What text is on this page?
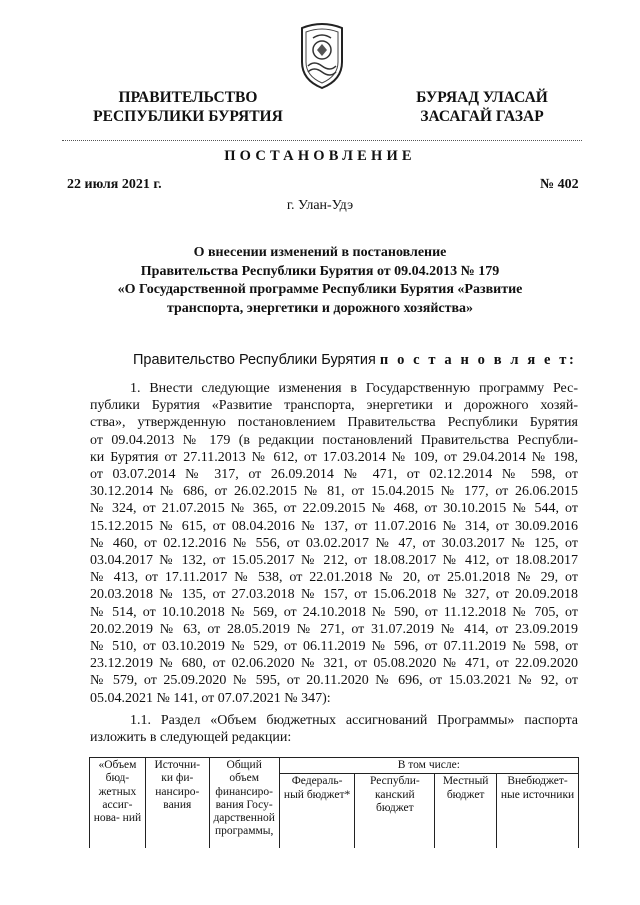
ПРАВИТЕЛЬСТВО
РЕСПУБЛИКИ БУРЯТИЯ
БУРЯАД УЛАСАЙ
ЗАСАГАЙ ГАЗАР
ПОСТАНОВЛЕНИЕ
22 июля 2021 г.	№ 402
г. Улан-Удэ
О внесении изменений в постановление
Правительства Республики Бурятия от 09.04.2013 № 179
«О Государственной программе Республики Бурятия «Развитие
транспорта, энергетики и дорожного хозяйства»
Правительство Республики Бурятия п о с т а н о в л я е т:
1. Внести следующие изменения в Государственную программу Рес-
публики Бурятия «Развитие транспорта, энергетики и дорожного хозяй-
ства», утвержденную постановлением Правительства Республики Бурятия
от 09.04.2013 № 179 (в редакции постановлений Правительства Республи-
ки Бурятия от 27.11.2013 № 612, от 17.03.2014 № 109, от 29.04.2014 № 198,
от 03.07.2014 № 317, от 26.09.2014 № 471, от 02.12.2014 № 598, от
30.12.2014 № 686, от 26.02.2015 № 81, от 15.04.2015 № 177, от 26.06.2015
№ 324, от 21.07.2015 № 365, от 22.09.2015 № 468, от 30.10.2015 № 544, от
15.12.2015 № 615, от 08.04.2016 № 137, от 11.07.2016 № 314, от 30.09.2016
№ 460, от 02.12.2016 № 556, от 03.02.2017 № 47, от 30.03.2017 № 125, от
03.04.2017 № 132, от 15.05.2017 № 212, от 18.08.2017 № 412, от 18.08.2017
№ 413, от 17.11.2017 № 538, от 22.01.2018 № 20, от 25.01.2018 № 29, от
20.03.2018 № 135, от 27.03.2018 № 157, от 15.06.2018 № 327, от 20.09.2018
№ 514, от 10.10.2018 № 569, от 24.10.2018 № 590, от 11.12.2018 № 705, от
20.02.2019 № 63, от 28.05.2019 № 271, от 31.07.2019 № 414, от 23.09.2019
№ 510, от 03.10.2019 № 529, от 06.11.2019 № 596, от 07.11.2019 № 598, от
23.12.2019 № 680, от 02.06.2020 № 321, от 05.08.2020 № 471, от 22.09.2020
№ 579, от 25.09.2020 № 595, от 20.11.2020 № 696, от 15.03.2021 № 92, от
05.04.2021 № 141, от 07.07.2021 № 347):
1.1. Раздел «Объем бюджетных ассигнований Программы» паспорта
изложить в следующей редакции:
«Объем бюд- жетных ассиг- нова- ний	Источни- ки фи- нансиро- вания	Общий объем финансиро- вания Госу- дарственной программы,	В том числе:			
			Федераль- ный бюджет*	Республи- канский бюджет	Местный бюджет	Внебюджет- ные источники
